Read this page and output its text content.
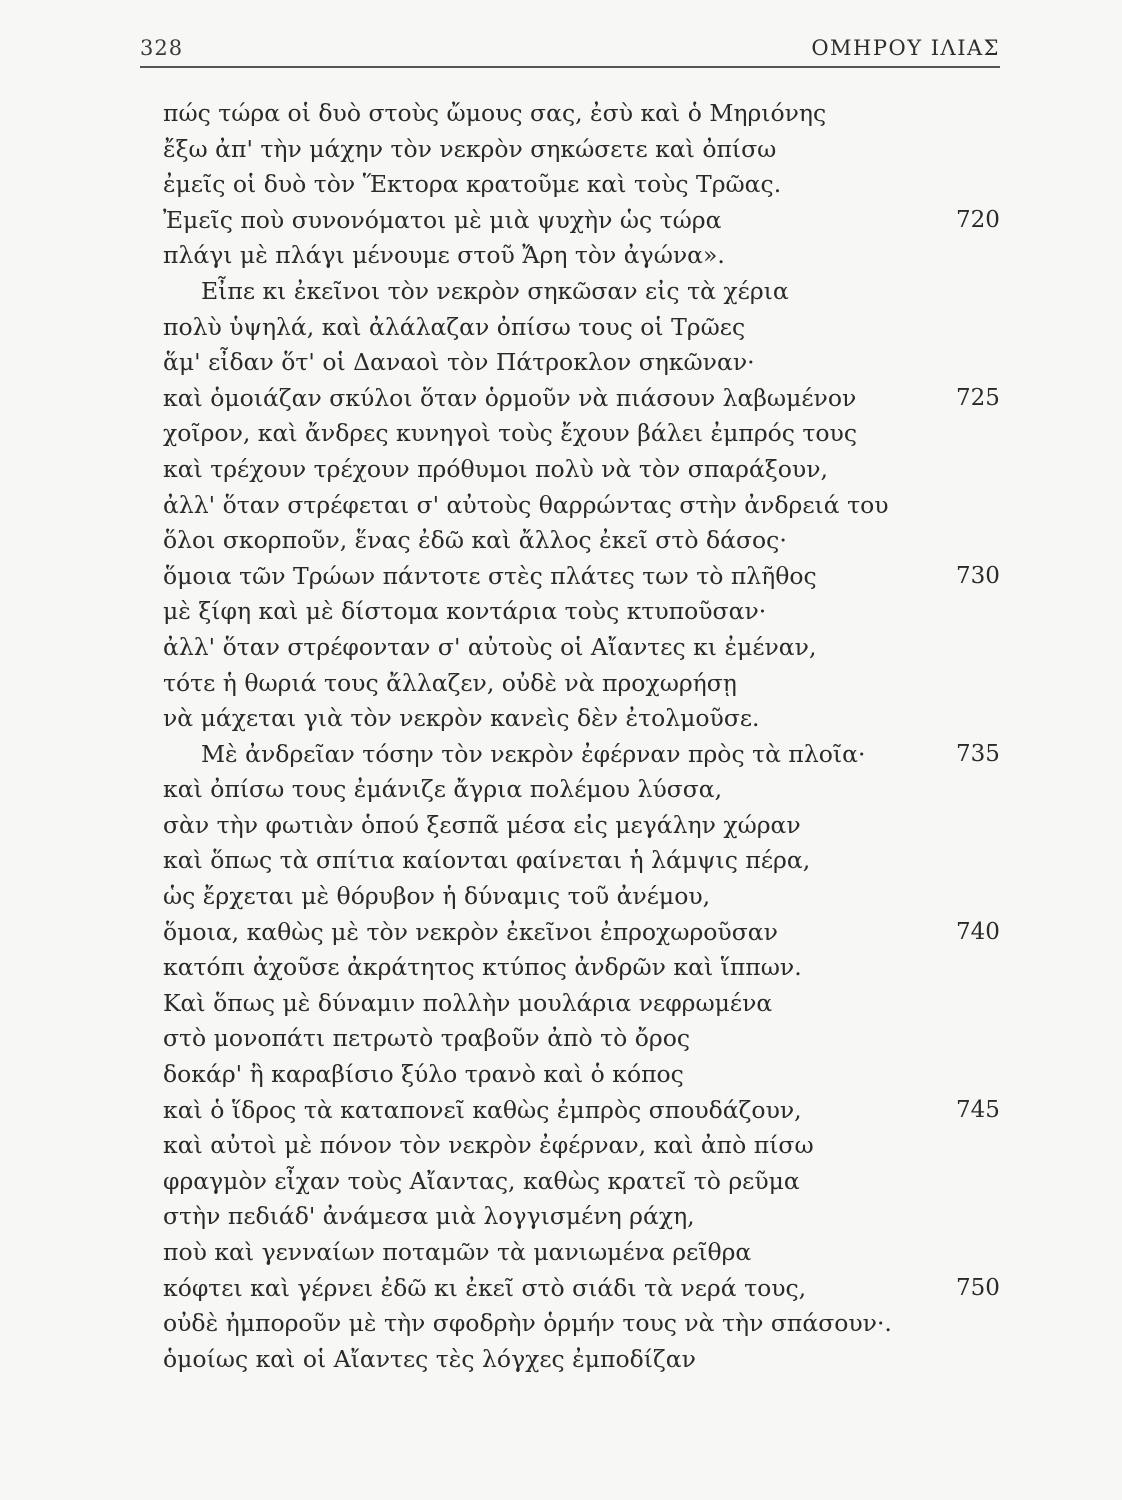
328	ΟΜΗΡΟΥ ΙΛΙΑΣ
πώς τώρα οἱ δυὸ στοὺς ὤμους σας, ἐσὺ καὶ ὁ Μηριόνης
ἔξω ἀπ' τὴν μάχην τὸν νεκρὸν σηκώσετε καὶ ὀπίσω
ἐμεῖς οἱ δυὸ τὸν Ἕκτορα κρατοῦμε καὶ τοὺς Τρῶας.
Ἐμεῖς ποὺ συνονόματοι μὲ μιὰ ψυχὴν ὡς τώρα	720
πλάγι μὲ πλάγι μένουμε στοῦ Ἄρη τὸν ἀγώνα».
Εἶπε κι ἐκεῖνοι τὸν νεκρὸν σηκῶσαν εἰς τὰ χέρια
πολὺ ὑψηλά, καὶ ἀλάλαζαν ὀπίσω τους οἱ Τρῶες
ἅμ' εἶδαν ὅτ' οἱ Δαναοὶ τὸν Πάτροκλον σηκῶναν·
καὶ ὁμοιάζαν σκύλοι ὅταν ὁρμοῦν νὰ πιάσουν λαβωμένον	725
χοῖρον, καὶ ἄνδρες κυνηγοὶ τοὺς ἔχουν βάλει ἐμπρός τους
καὶ τρέχουν τρέχουν πρόθυμοι πολὺ νὰ τὸν σπαράξουν,
ἀλλ' ὅταν στρέφεται σ' αὐτοὺς θαρρώντας στὴν ἀνδρειά του
ὅλοι σκορποῦν, ἕνας ἐδῶ καὶ ἄλλος ἐκεῖ στὸ δάσος·
ὅμοια τῶν Τρώων πάντοτε στὲς πλάτες των τὸ πλῆθος	730
μὲ ξίφη καὶ μὲ δίστομα κοντάρια τοὺς κτυποῦσαν·
ἀλλ' ὅταν στρέφονταν σ' αὐτοὺς οἱ Αἴαντες κι ἐμέναν,
τότε ἡ θωριά τους ἄλλαζεν, οὐδὲ νὰ προχωρήσῃ
νὰ μάχεται γιὰ τὸν νεκρὸν κανεὶς δὲν ἐτολμοῦσε.
Μὲ ἀνδρεῖαν τόσην τὸν νεκρὸν ἐφέρναν πρὸς τὰ πλοῖα·	735
καὶ ὀπίσω τους ἐμάνιζε ἄγρια πολέμου λύσσα,
σὰν τὴν φωτιὰν ὁπού ξεσπᾶ μέσα εἰς μεγάλην χώραν
καὶ ὅπως τὰ σπίτια καίονται φαίνεται ἡ λάμψις πέρα,
ὡς ἔρχεται μὲ θόρυβον ἡ δύναμις τοῦ ἀνέμου,
ὅμοια, καθὼς μὲ τὸν νεκρὸν ἐκεῖνοι ἐπροχωροῦσαν	740
κατόπι ἀχοῦσε ἀκράτητος κτύπος ἀνδρῶν καὶ ἵππων.
Καὶ ὅπως μὲ δύναμιν πολλὴν μουλάρια νεφρωμένα
στὸ μονοπάτι πετρωτὸ τραβοῦν ἀπὸ τὸ ὄρος
δοκάρ' ἢ καραβίσιο ξύλο τρανὸ καὶ ὁ κόπος
καὶ ὁ ἵδρος τὰ καταπονεῖ καθὼς ἐμπρὸς σπουδάζουν,	745
καὶ αὐτοὶ μὲ πόνον τὸν νεκρὸν ἐφέρναν, καὶ ἀπὸ πίσω
φραγμὸν εἶχαν τοὺς Αἴαντας, καθὼς κρατεῖ τὸ ρεῦμα
στὴν πεδιάδ' ἀνάμεσα μιὰ λογγισμένη ράχη,
ποὺ καὶ γενναίων ποταμῶν τὰ μανιωμένα ρεῖθρα
κόφτει καὶ γέρνει ἐδῶ κι ἐκεῖ στὸ σιάδι τὰ νερά τους,	750
οὐδὲ ἠμποροῦν μὲ τὴν σφοδρὴν ὁρμήν τους νὰ τὴν σπάσουν·.
ὁμοίως καὶ οἱ Αἴαντες τὲς λόγχες ἐμποδίζαν
